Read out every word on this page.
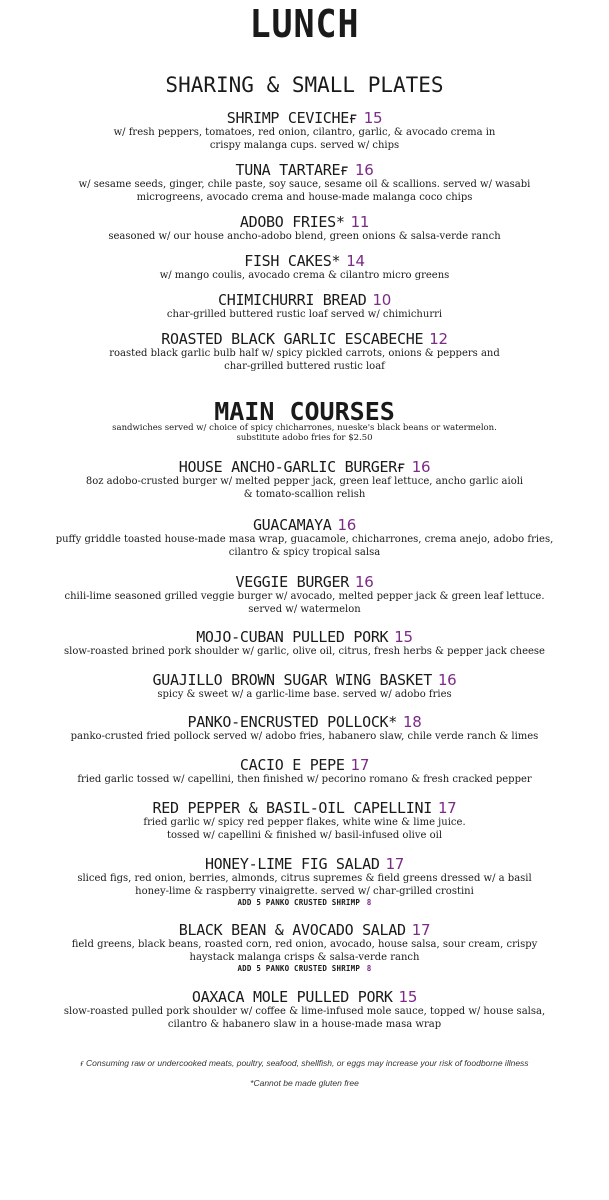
LUNCH
SHARING & SMALL PLATES
SHRIMP CEVICHEғ 15
w/ fresh peppers, tomatoes, red onion, cilantro, garlic, & avocado crema in
crispy malanga cups. served w/ chips
TUNA TARTAREғ 16
w/ sesame seeds, ginger, chile paste, soy sauce, sesame oil & scallions. served w/ wasabi
microgreens, avocado crema and house-made malanga coco chips
ADOBO FRIES* 11
seasoned w/ our house ancho-adobo blend, green onions & salsa-verde ranch
FISH CAKES* 14
w/ mango coulis, avocado crema & cilantro micro greens
CHIMICHURRI BREAD 10
char-grilled buttered rustic loaf served w/ chimichurri
ROASTED BLACK GARLIC ESCABECHE 12
roasted black garlic bulb half w/ spicy pickled carrots, onions & peppers and
char-grilled buttered rustic loaf
MAIN COURSES
sandwiches served w/ choice of spicy chicharrones, nueske's black beans or watermelon.
substitute adobo fries for $2.50
HOUSE ANCHO-GARLIC BURGERғ 16
8oz adobo-crusted burger w/ melted pepper jack, green leaf lettuce, ancho garlic aioli
& tomato-scallion relish
GUACAMAYA 16
puffy griddle toasted house-made masa wrap, guacamole, chicharrones, crema anejo, adobo fries,
cilantro & spicy tropical salsa
VEGGIE BURGER 16
chili-lime seasoned grilled veggie burger w/ avocado, melted pepper jack & green leaf lettuce.
served w/ watermelon
MOJO-CUBAN PULLED PORK 15
slow-roasted brined pork shoulder w/ garlic, olive oil, citrus, fresh herbs & pepper jack cheese
GUAJILLO BROWN SUGAR WING BASKET 16
spicy & sweet w/ a garlic-lime base. served w/ adobo fries
PANKO-ENCRUSTED POLLOCK* 18
panko-crusted fried pollock served w/ adobo fries, habanero slaw, chile verde ranch & limes
CACIO E PEPE 17
fried garlic tossed w/ capellini, then finished w/ pecorino romano & fresh cracked pepper
RED PEPPER & BASIL-OIL CAPELLINI 17
fried garlic w/ spicy red pepper flakes, white wine & lime juice.
tossed w/ capellini & finished w/ basil-infused olive oil
HONEY-LIME FIG SALAD 17
sliced figs, red onion, berries, almonds, citrus supremes & field greens dressed w/ a basil
honey-lime & raspberry vinaigrette. served w/ char-grilled crostini
ADD 5 PANKO CRUSTED SHRIMP 8
BLACK BEAN & AVOCADO SALAD 17
field greens, black beans, roasted corn, red onion, avocado, house salsa, sour cream, crispy
haystack malanga crisps & salsa-verde ranch
ADD 5 PANKO CRUSTED SHRIMP 8
OAXACA MOLE PULLED PORK 15
slow-roasted pulled pork shoulder w/ coffee & lime-infused mole sauce, topped w/ house salsa,
cilantro & habanero slaw in a house-made masa wrap
ғ Consuming raw or undercooked meats, poultry, seafood, shellfish, or eggs may increase your risk of foodborne illness
*Cannot be made gluten free
